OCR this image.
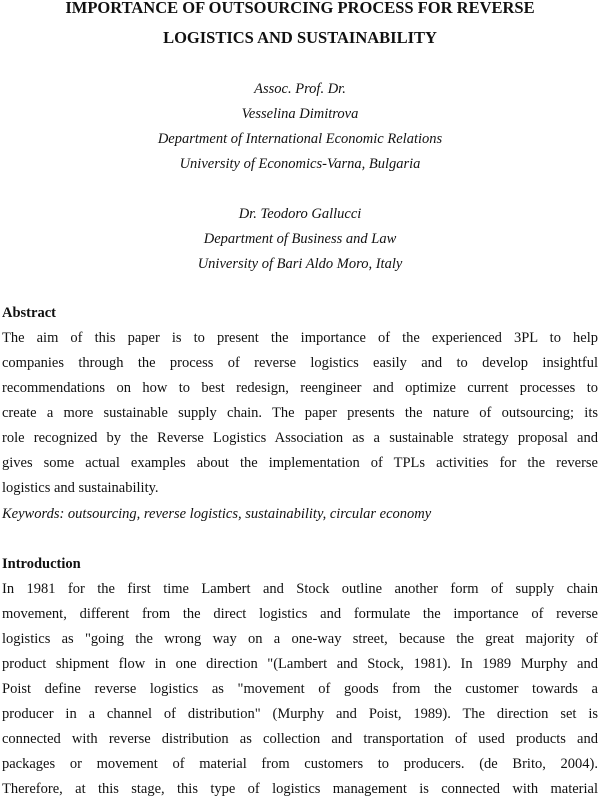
IMPORTANCE OF OUTSOURCING PROCESS FOR REVERSE
LOGISTICS AND SUSTAINABILITY
Assoc. Prof. Dr.
Vesselina Dimitrova
Department of International Economic Relations
University of Economics-Varna, Bulgaria
Dr. Teodoro Gallucci
Department of Business and Law
University of Bari Aldo Moro, Italy
Abstract
The aim of this paper is to present the importance of the experienced 3PL to help
companies through the process of reverse logistics easily and to develop insightful
recommendations on how to best redesign, reengineer and optimize current processes to
create a more sustainable supply chain. The paper presents the nature of outsourcing; its
role recognized by the Reverse Logistics Association as a sustainable strategy proposal and
gives some actual examples about the implementation of TPLs activities for the reverse
logistics and sustainability.
Keywords: outsourcing, reverse logistics, sustainability, circular economy
Introduction
In 1981 for the first time Lambert and Stock outline another form of supply chain
movement, different from the direct logistics and formulate the importance of reverse
logistics as "going the wrong way on a one-way street, because the great majority of
product shipment flow in one direction "(Lambert and Stock, 1981). In 1989 Murphy and
Poist define reverse logistics as "movement of goods from the customer towards a
producer in a channel of distribution" (Murphy and Poist, 1989). The direction set is
connected with reverse distribution as collection and transportation of used products and
packages or movement of material from customers to producers. (de Brito, 2004).
Therefore, at this stage, this type of logistics management is connected with material
